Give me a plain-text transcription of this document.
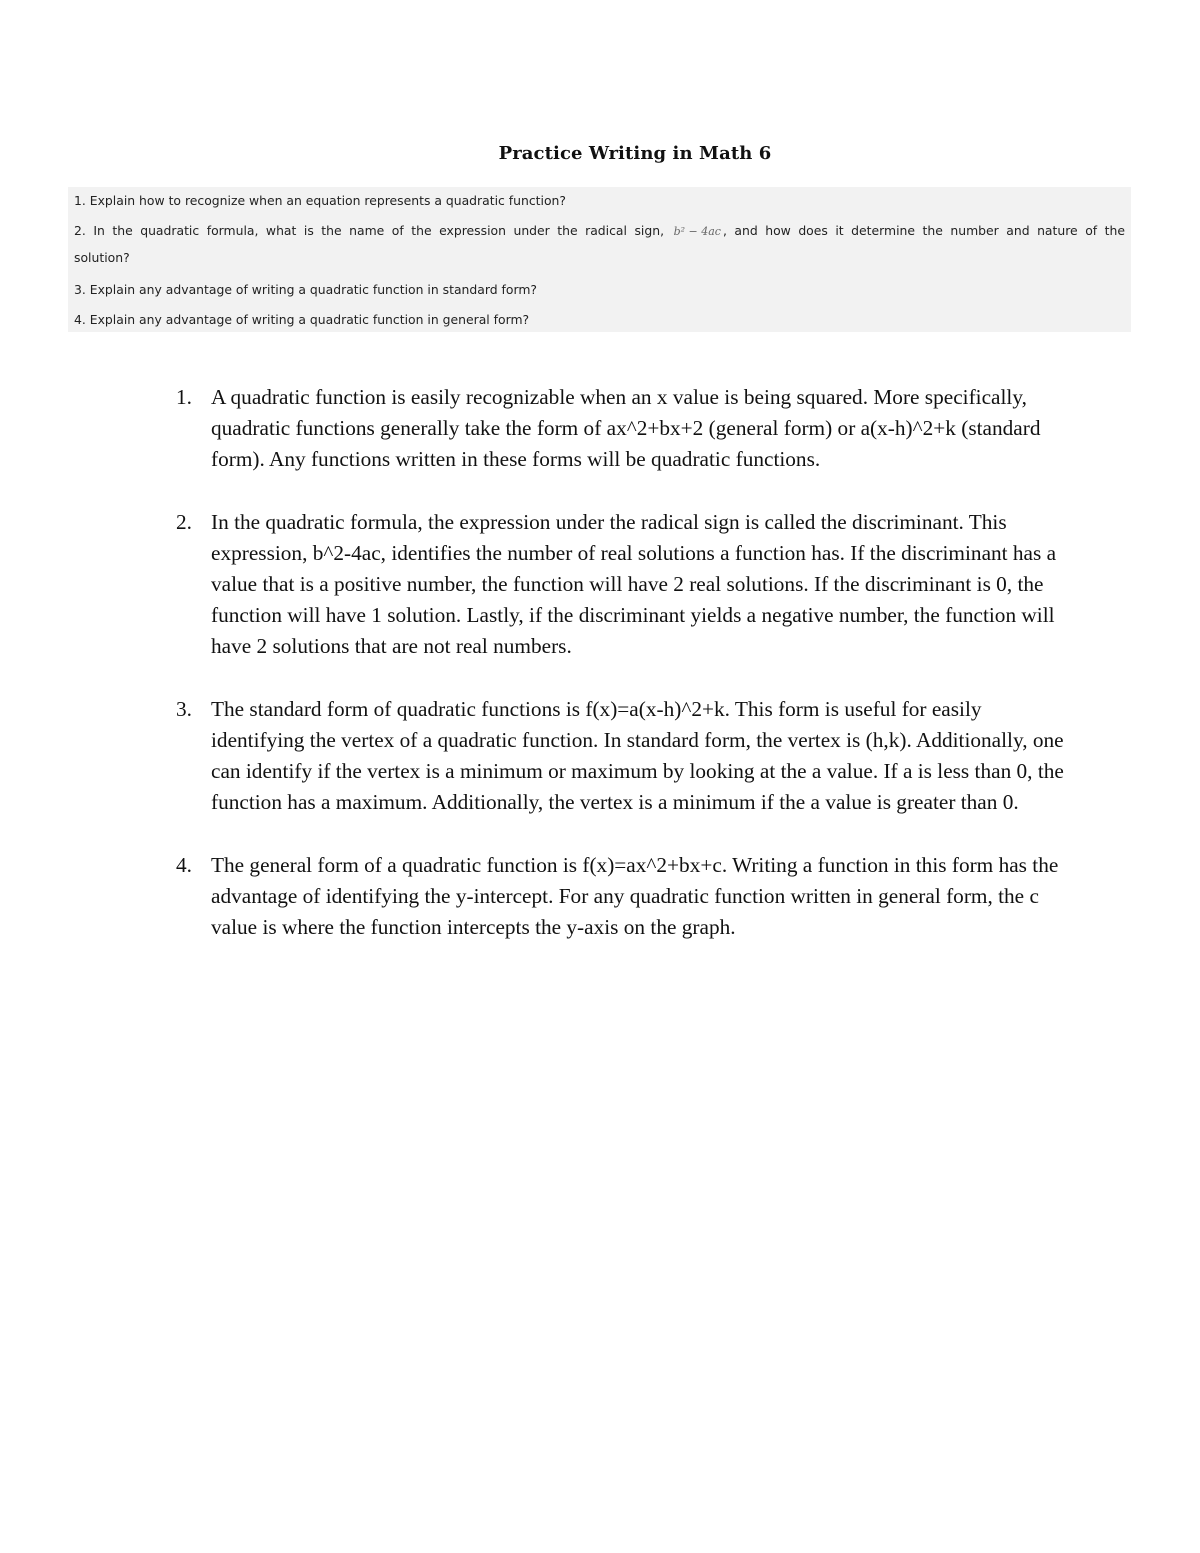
Practice Writing in Math 6
1. Explain how to recognize when an equation represents a quadratic function?
2. In the quadratic formula, what is the name of the expression under the radical sign, b² − 4ac , and how does it determine the number and nature of the
solution?
3. Explain any advantage of writing a quadratic function in standard form?
4. Explain any advantage of writing a quadratic function in general form?
1. A quadratic function is easily recognizable when an x value is being squared. More specifically, quadratic functions generally take the form of ax^2+bx+2 (general form) or a(x-h)^2+k (standard form). Any functions written in these forms will be quadratic functions.
2. In the quadratic formula, the expression under the radical sign is called the discriminant. This expression, b^2-4ac, identifies the number of real solutions a function has. If the discriminant has a value that is a positive number, the function will have 2 real solutions. If the discriminant is 0, the function will have 1 solution. Lastly, if the discriminant yields a negative number, the function will have 2 solutions that are not real numbers.
3. The standard form of quadratic functions is f(x)=a(x-h)^2+k. This form is useful for easily identifying the vertex of a quadratic function. In standard form, the vertex is (h,k). Additionally, one can identify if the vertex is a minimum or maximum by looking at the a value. If a is less than 0, the function has a maximum. Additionally, the vertex is a minimum if the a value is greater than 0.
4. The general form of a quadratic function is f(x)=ax^2+bx+c. Writing a function in this form has the advantage of identifying the y-intercept. For any quadratic function written in general form, the c value is where the function intercepts the y-axis on the graph.
